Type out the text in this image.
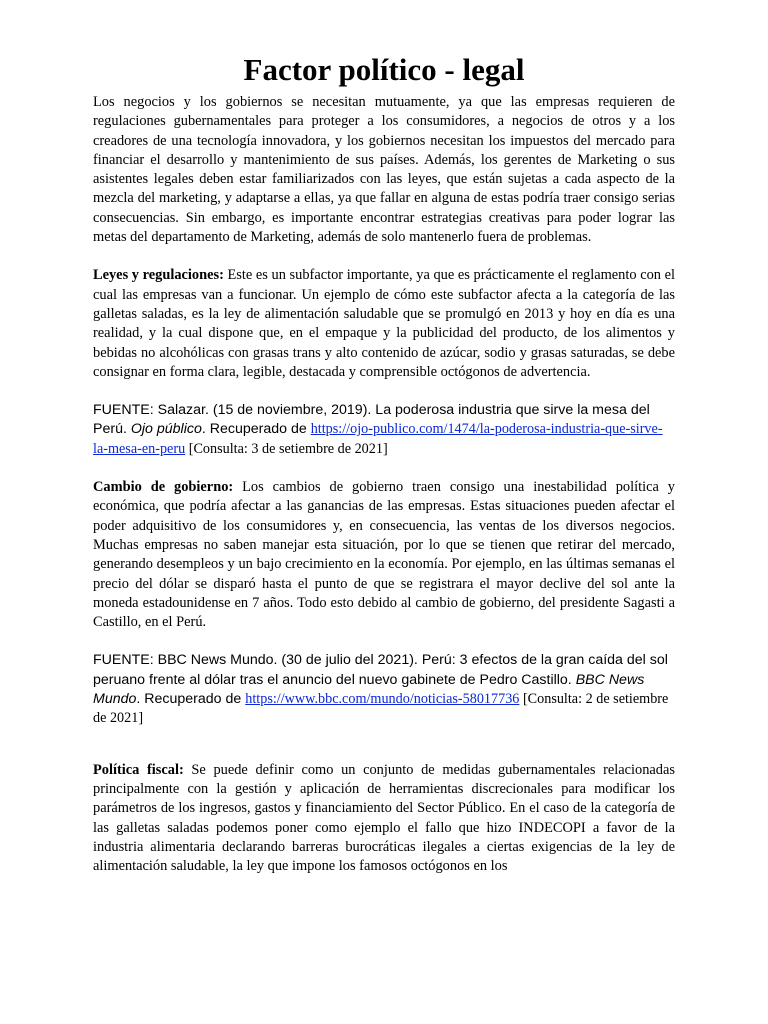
Factor político - legal

Los negocios y los gobiernos se necesitan mutuamente, ya que las empresas requieren de regulaciones gubernamentales para proteger a los consumidores, a negocios de otros y a los creadores de una tecnología innovadora, y los gobiernos necesitan los impuestos del mercado para financiar el desarrollo y mantenimiento de sus países. Además, los gerentes de Marketing o sus asistentes legales deben estar familiarizados con las leyes, que están sujetas a cada aspecto de la mezcla del marketing, y adaptarse a ellas, ya que fallar en alguna de estas podría traer consigo serias consecuencias. Sin embargo, es importante encontrar estrategias creativas para poder lograr las metas del departamento de Marketing, además de solo mantenerlo fuera de problemas.

Leyes y regulaciones: Este es un subfactor importante, ya que es prácticamente el reglamento con el cual las empresas van a funcionar. Un ejemplo de cómo este subfactor afecta a la categoría de las galletas saladas, es la ley de alimentación saludable que se promulgó en 2013 y hoy en día es una realidad, y la cual dispone que, en el empaque y la publicidad del producto, de los alimentos y bebidas no alcohólicas con grasas trans y alto contenido de azúcar, sodio y grasas saturadas, se debe consignar en forma clara, legible, destacada y comprensible octógonos de advertencia.

FUENTE: Salazar. (15 de noviembre, 2019). La poderosa industria que sirve la mesa del Perú. Ojo público. Recuperado de https://ojo-publico.com/1474/la-poderosa-industria-que-sirve-la-mesa-en-peru [Consulta: 3 de setiembre de 2021]

Cambio de gobierno: Los cambios de gobierno traen consigo una inestabilidad política y económica, que podría afectar a las ganancias de las empresas. Estas situaciones pueden afectar el poder adquisitivo de los consumidores y, en consecuencia, las ventas de los diversos negocios. Muchas empresas no saben manejar esta situación, por lo que se tienen que retirar del mercado, generando desempleos y un bajo crecimiento en la economía. Por ejemplo, en las últimas semanas el precio del dólar se disparó hasta el punto de que se registrara el mayor declive del sol ante la moneda estadounidense en 7 años. Todo esto debido al cambio de gobierno, del presidente Sagasti a Castillo, en el Perú.

FUENTE: BBC News Mundo. (30 de julio del 2021). Perú: 3 efectos de la gran caída del sol peruano frente al dólar tras el anuncio del nuevo gabinete de Pedro Castillo. BBC News Mundo. Recuperado de https://www.bbc.com/mundo/noticias-58017736 [Consulta: 2 de setiembre de 2021]

Política fiscal: Se puede definir como un conjunto de medidas gubernamentales relacionadas principalmente con la gestión y aplicación de herramientas discrecionales para modificar los parámetros de los ingresos, gastos y financiamiento del Sector Público. En el caso de la categoría de las galletas saladas podemos poner como ejemplo el fallo que hizo INDECOPI a favor de la industria alimentaria declarando barreras burocráticas ilegales a ciertas exigencias de la ley de alimentación saludable, la ley que impone los famosos octógonos en los
